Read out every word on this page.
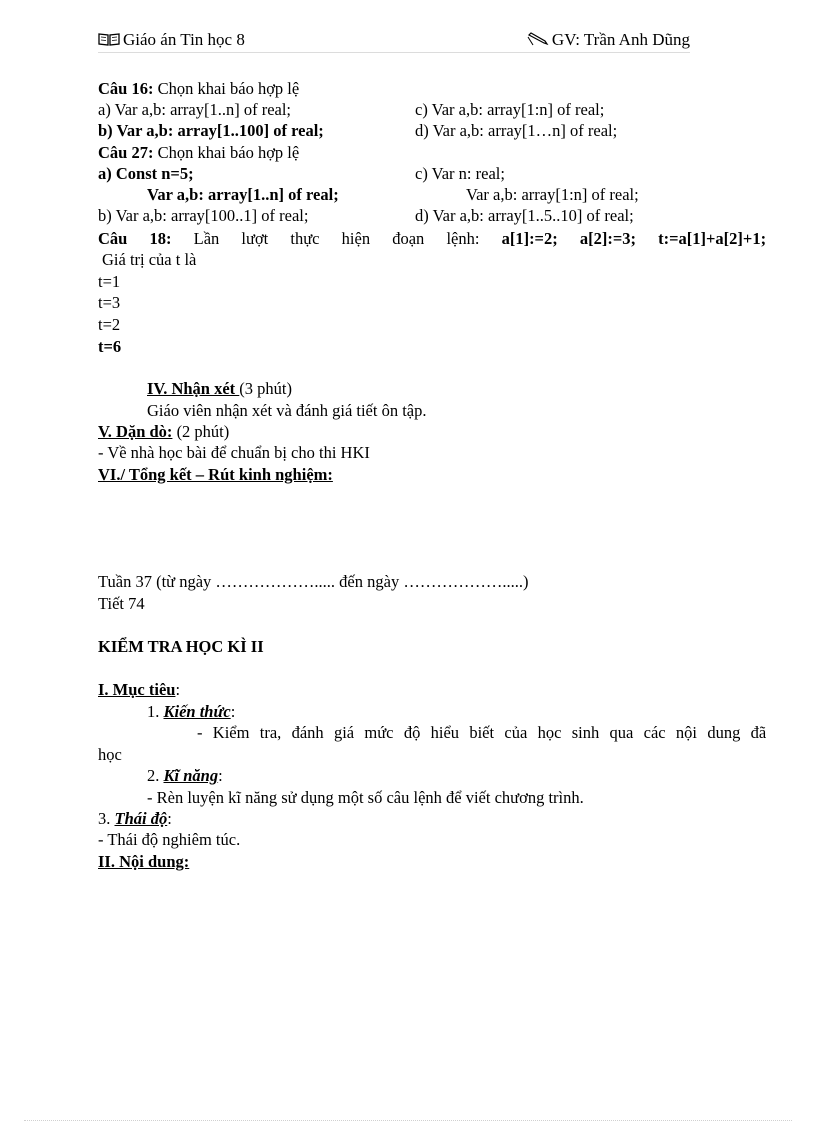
Giáo án Tin học 8	GV: Trần Anh Dũng
Câu 16: Chọn khai báo hợp lệ
a) Var a,b: array[1..n] of real;	c) Var a,b: array[1:n] of real;
b) Var a,b: array[1..100] of real;	d) Var a,b: array[1…n] of real;
Câu 27: Chọn khai báo hợp lệ
a) Const n=5;	c) Var n: real;
Var a,b: array[1..n] of real;	Var a,b: array[1:n] of real;
b) Var a,b: array[100..1] of real;	d) Var a,b: array[1..5..10] of real;
Câu 18: Lần lượt thực hiện đoạn lệnh: a[1]:=2; a[2]:=3; t:=a[1]+a[2]+1;
Giá trị của t là
t=1
t=3
t=2
t=6
IV. Nhận xét (3 phút)
Giáo viên nhận xét và đánh giá tiết ôn tập.
V. Dặn dò: (2 phút)
- Về nhà học bài để chuẩn bị cho thi HKI
VI./ Tổng kết – Rút kinh nghiệm:
Tuần 37 (từ ngày ………………..... đến ngày ……………….....)
Tiết 74
KIỂM TRA HỌC KÌ II
I. Mục tiêu:
1. Kiến thức:
- Kiểm tra, đánh giá mức độ hiểu biết của học sinh qua các nội dung đã
học
2. Kĩ năng:
- Rèn luyện kĩ năng sử dụng một số câu lệnh để viết chương trình.
3. Thái độ:
- Thái độ nghiêm túc.
II. Nội dung:
